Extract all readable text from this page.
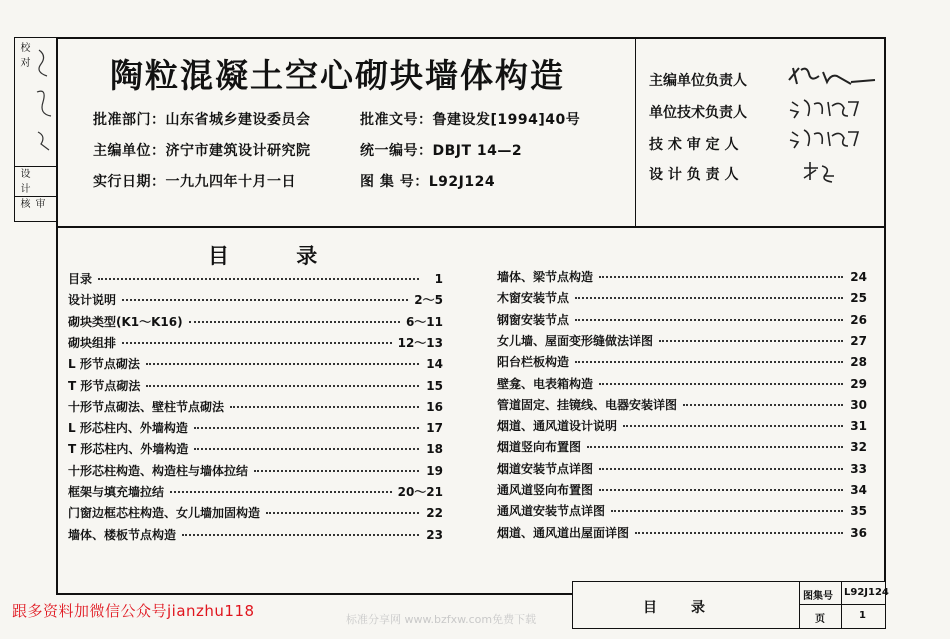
审 核
设 计
校 对
陶粒混凝土空心砌块墙体构造
批准部门：山东省城乡建设委员会	批准文号：鲁建设发[1994]40号
主编单位：济宁市建筑设计研究院	统一编号：DBJT 14—2
实行日期：一九九四年十月一日	图 集 号：L92J124
主编单位负责人
单位技术负责人
技 术 审 定 人
设 计 负 责 人
目 录
目录	1
设计说明	2～5
砌块类型(K1～K16)	6～11
砌块组排	12～13
L 形节点砌法	14
T 形节点砌法	15
十形节点砌法、壁柱节点砌法	16
L 形芯柱内、外墙构造	17
T 形芯柱内、外墙构造	18
十形芯柱构造、构造柱与墙体拉结	19
框架与填充墙拉结	20～21
门窗边框芯柱构造、女儿墙加固构造	22
墙体、楼板节点构造	23
墙体、梁节点构造	24
木窗安装节点	25
钢窗安装节点	26
女儿墙、屋面变形缝做法详图	27
阳台栏板构造	28
壁龛、电表箱构造	29
管道固定、挂镜线、电器安装详图	30
烟道、通风道设计说明	31
烟道竖向布置图	32
烟道安装节点详图	33
通风道竖向布置图	34
通风道安装节点详图	35
烟道、通风道出屋面详图	36
目　　录
图集号 L92J124
页	1
跟多资料加微信公众号jianzhu118	标准分享网 www.bzfxw.com免费下载
